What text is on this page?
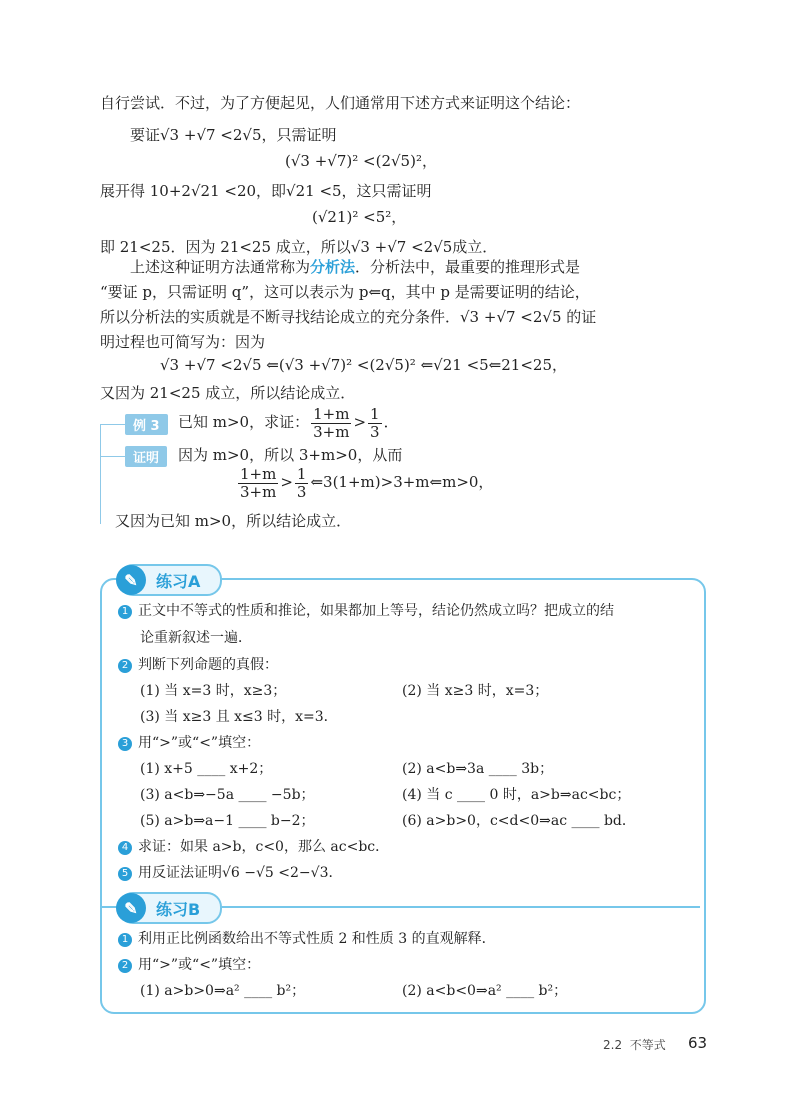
自行尝试．不过，为了方便起见，人们通常用下述方式来证明这个结论：
要证√3 +√7 <2√5，只需证明
(√3 +√7)² <(2√5)²，
展开得 10+2√21 <20，即√21 <5，这只需证明
(√21)² <5²，
即 21<25．因为 21<25 成立，所以√3 +√7 <2√5成立．
上述这种证明方法通常称为分析法．分析法中，最重要的推理形式是
“要证 p，只需证明 q”，这可以表示为 p⇐q，其中 p 是需要证明的结论，
所以分析法的实质就是不断寻找结论成立的充分条件．√3 +√7 <2√5 的证
明过程也可简写为：因为
√3 +√7 <2√5 ⇐(√3 +√7)² <(2√5)² ⇐√21 <5⇐21<25，
又因为 21<25 成立，所以结论成立．
例 3	已知 m>0，求证： $\frac{1+m}{3+m} > \frac{1}{3}$ ．
证明	因为 m>0，所以 3+m>0，从而
$\frac{1+m}{3+m} > \frac{1}{3}$ ⇐3(1+m)>3+m⇐m>0，
又因为已知 m>0，所以结论成立．
✎	练习A
1 正文中不等式的性质和推论，如果都加上等号，结论仍然成立吗？把成立的结
论重新叙述一遍．
2 判断下列命题的真假：
(1) 当 x=3 时，x≥3；	(2) 当 x≥3 时，x=3；
(3) 当 x≥3 且 x≤3 时，x=3．
3 用“>”或“<”填空：
(1) x+5 ____ x+2；	(2) a<b⇒3a ____ 3b；
(3) a<b⇒−5a ____ −5b；	(4) 当 c ____ 0 时，a>b⇒ac<bc；
(5) a>b⇒a−1 ____ b−2；	(6) a>b>0，c<d<0⇒ac ____ bd．
4 求证：如果 a>b，c<0，那么 ac<bc．
5 用反证法证明√6 −√5 <2−√3．
✎	练习B
1 利用正比例函数给出不等式性质 2 和性质 3 的直观解释．
2 用“>”或“<”填空：
(1) a>b>0⇒a² ____ b²；	(2) a<b<0⇒a² ____ b²；
2.2 不等式 63
